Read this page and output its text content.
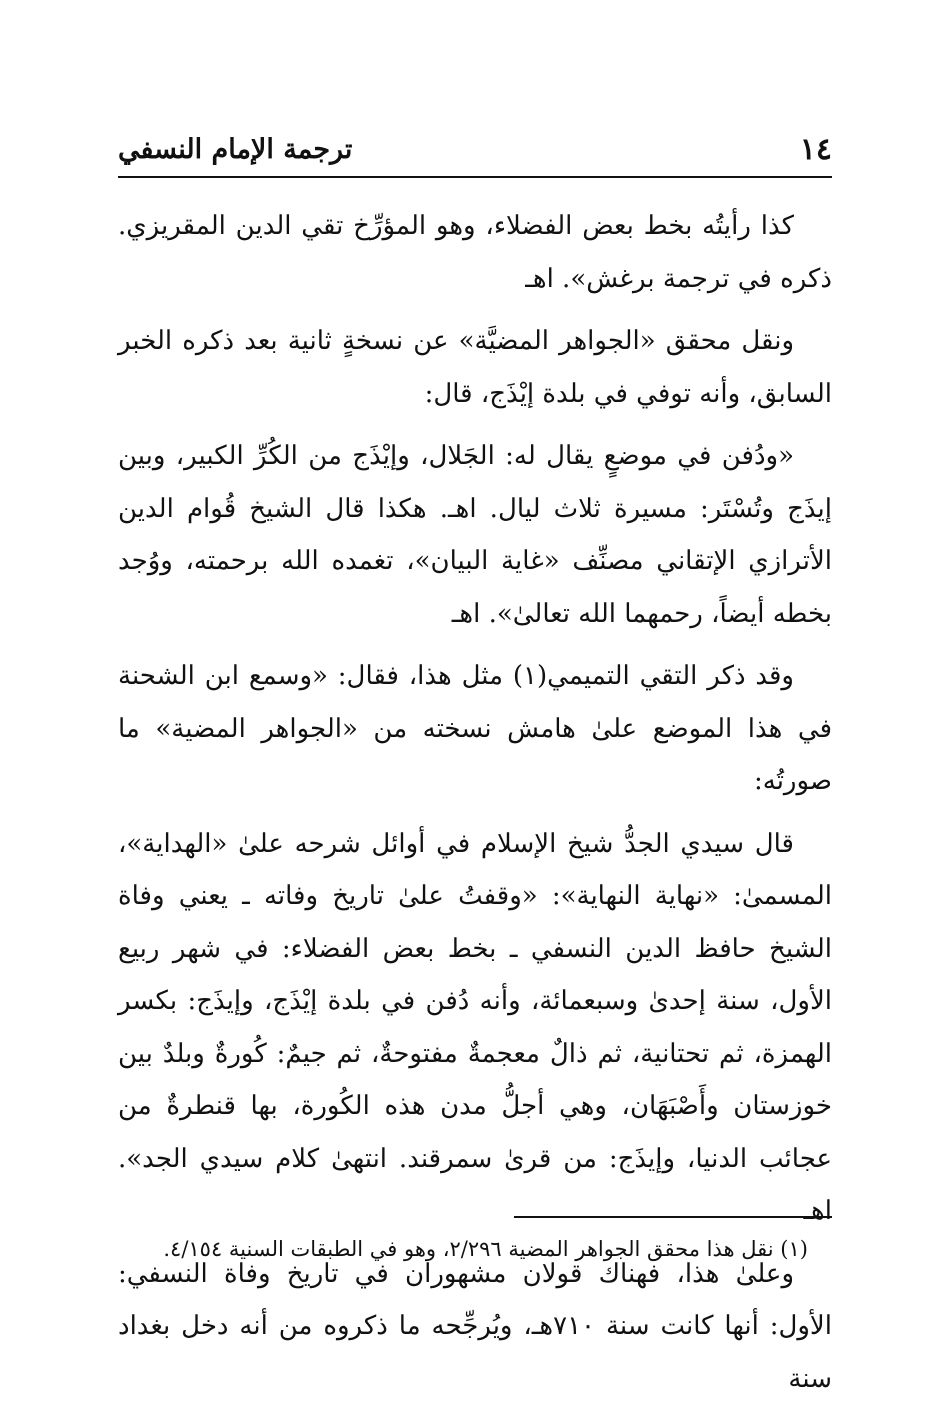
١٤
ترجمة الإمام النسفي

كذا رأيتُه بخط بعض الفضلاء، وهو المؤرِّخ تقي الدين المقريزي. ذكره في ترجمة برغش». اهـ

ونقل محقق «الجواهر المضيَّة» عن نسخةٍ ثانية بعد ذكره الخبر السابق، وأنه توفي في بلدة إيْذَج، قال:

«ودُفن في موضعٍ يقال له: الجَلال، وإيْذَج من الكُرِّ الكبير، وبين إيذَج وتُسْتَر: مسيرة ثلاث ليال. اهـ. هكذا قال الشيخ قُوام الدين الأترازي الإتقاني مصنِّف «غاية البيان»، تغمده الله برحمته، ووُجد بخطه أيضاً، رحمهما الله تعالىٰ». اهـ

وقد ذكر التقي التميمي(١) مثل هذا، فقال: «وسمع ابن الشحنة في هذا الموضع علىٰ هامش نسخته من «الجواهر المضية» ما صورتُه:

قال سيدي الجدُّ شيخ الإسلام في أوائل شرحه علىٰ «الهداية»، المسمىٰ: «نهاية النهاية»: «وقفتُ علىٰ تاريخ وفاته ـ يعني وفاة الشيخ حافظ الدين النسفي ـ بخط بعض الفضلاء: في شهر ربيع الأول، سنة إحدىٰ وسبعمائة، وأنه دُفن في بلدة إيْذَج، وإيذَج: بكسر الهمزة، ثم تحتانية، ثم ذالٌ معجمةٌ مفتوحةٌ، ثم جيمٌ: كُورةٌ وبلدٌ بين خوزستان وأَصْبَهَان، وهي أجلُّ مدن هذه الكُورة، بها قنطرةٌ من عجائب الدنيا، وإيذَج: من قرىٰ سمرقند. انتهىٰ كلام سيدي الجد». اهـ

وعلىٰ هذا، فهناك قولان مشهوران في تاريخ وفاة النسفي: الأول: أنها كانت سنة ٧١٠هـ، ويُرجِّحه ما ذكروه من أنه دخل بغداد سنة

(١) نقل هذا محقق الجواهر المضية ٢/٢٩٦، وهو في الطبقات السنية ٤/١٥٤.
